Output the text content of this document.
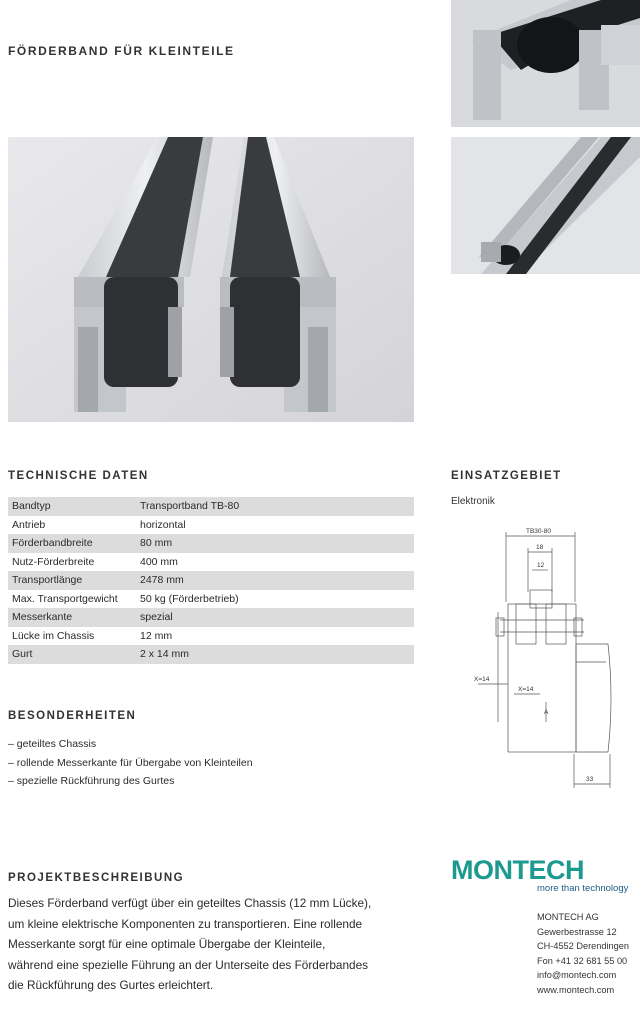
FÖRDERBAND FÜR KLEINTEILE
TECHNISCHE DATEN
Bandtyp	Transportband TB-80
Antrieb	horizontal
Förderbandbreite	80 mm
Nutz-Förderbreite	400 mm
Transportlänge	2478 mm
Max. Transportgewicht	50 kg (Förderbetrieb)
Messerkante	spezial
Lücke im Chassis	12 mm
Gurt	2 x 14 mm
EINSATZGEBIET
Elektronik
TB30-80
18
12
X=14
X=14
A
33
BESONDERHEITEN
– geteiltes Chassis
– rollende Messerkante für Übergabe von Kleinteilen
– spezielle Rückführung des Gurtes
PROJEKTBESCHREIBUNG
Dieses Förderband verfügt über ein geteiltes Chassis (12 mm Lücke),
um kleine elektrische Komponenten zu transportieren. Eine rollende
Messerkante sorgt für eine optimale Übergabe der Kleinteile,
während eine spezielle Führung an der Unterseite des Förderbandes
die Rückführung des Gurtes erleichtert.
MONTECH
more than technology
MONTECH AG
Gewerbestrasse 12
CH-4552 Derendingen
Fon +41 32 681 55 00
info@montech.com
www.montech.com
